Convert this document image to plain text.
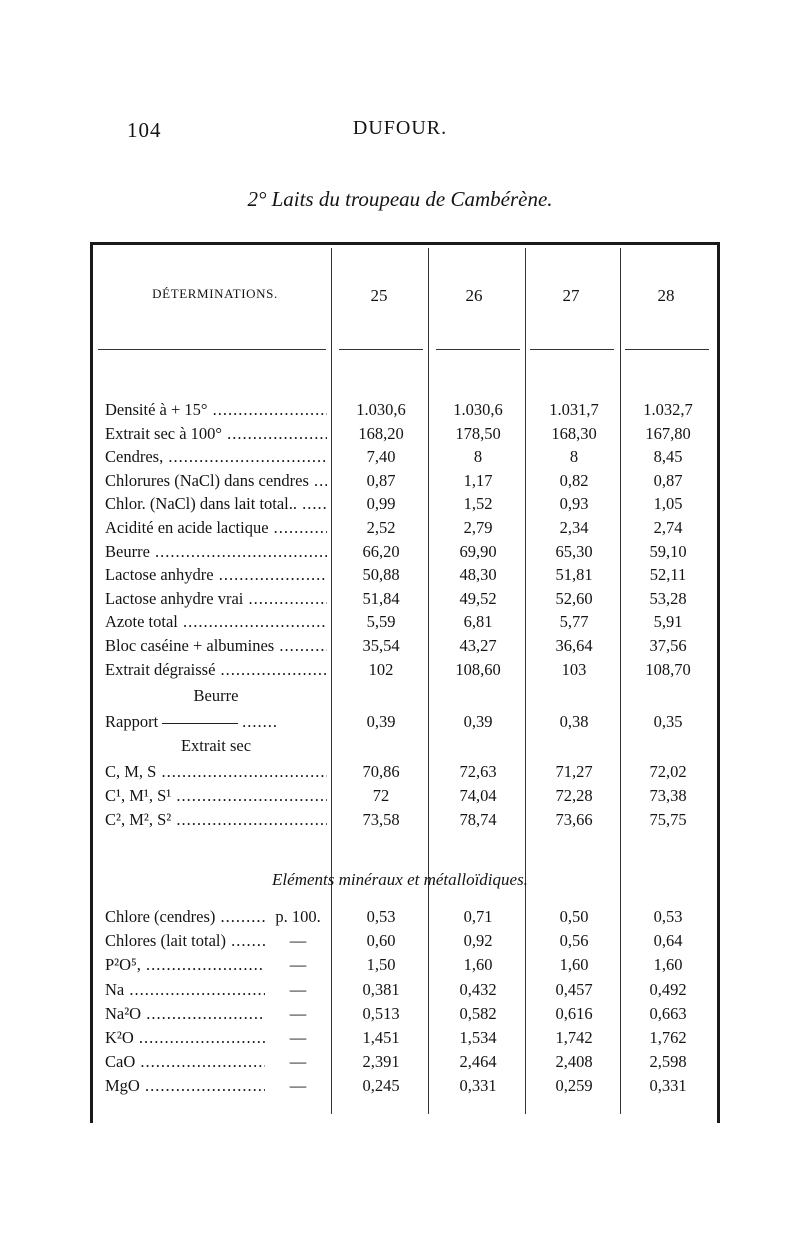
104	DUFOUR.
2° Laits du troupeau de Cambérène.
DÉTERMINATIONS.	25	26	27	28
Densité à + 15° .....	1.030,6	1.030,6	1.031,7	1.032,7
Extrait sec à 100° .....	168,20	178,50	168,30	167,80
Cendres, .....	7,40	8	8	8,45
Chlorures (NaCl) dans cendres .....	0,87	1,17	0,82	0,87
Chlor. (NaCl) dans lait total.. .....	0,99	1,52	0,93	1,05
Acidité en acide lactique .....	2,52	2,79	2,34	2,74
Beurre .....	66,20	69,90	65,30	59,10
Lactose anhydre .....	50,88	48,30	51,81	52,11
Lactose anhydre vrai .....	51,84	49,52	52,60	53,28
Azote total .....	5,59	6,81	5,77	5,91
Bloc caséine + albumines .....	35,54	43,27	36,64	37,56
Extrait dégraissé .....	102	108,60	103	108,70
Beurre
Rapport	.......	0,39	0,39	0,38	0,35
Extrait sec
C, M, S .....	70,86	72,63	71,27	72,02
C¹, M¹, S¹ .....	72	74,04	72,28	73,38
C², M², S² .....	73,58	78,74	73,66	75,75
Eléments minéraux et métalloïdiques.
Chlore (cendres) .....	p. 100.	0,53	0,71	0,50	0,53
Chlores (lait total) .....	—	0,60	0,92	0,56	0,64
P²O⁵, .....	—	1,50	1,60	1,60	1,60
Na .....	—	0,381	0,432	0,457	0,492
Na²O .....	—	0,513	0,582	0,616	0,663
K²O .....	—	1,451	1,534	1,742	1,762
CaO .....	—	2,391	2,464	2,408	2,598
MgO .....	—	0,245	0,331	0,259	0,331
